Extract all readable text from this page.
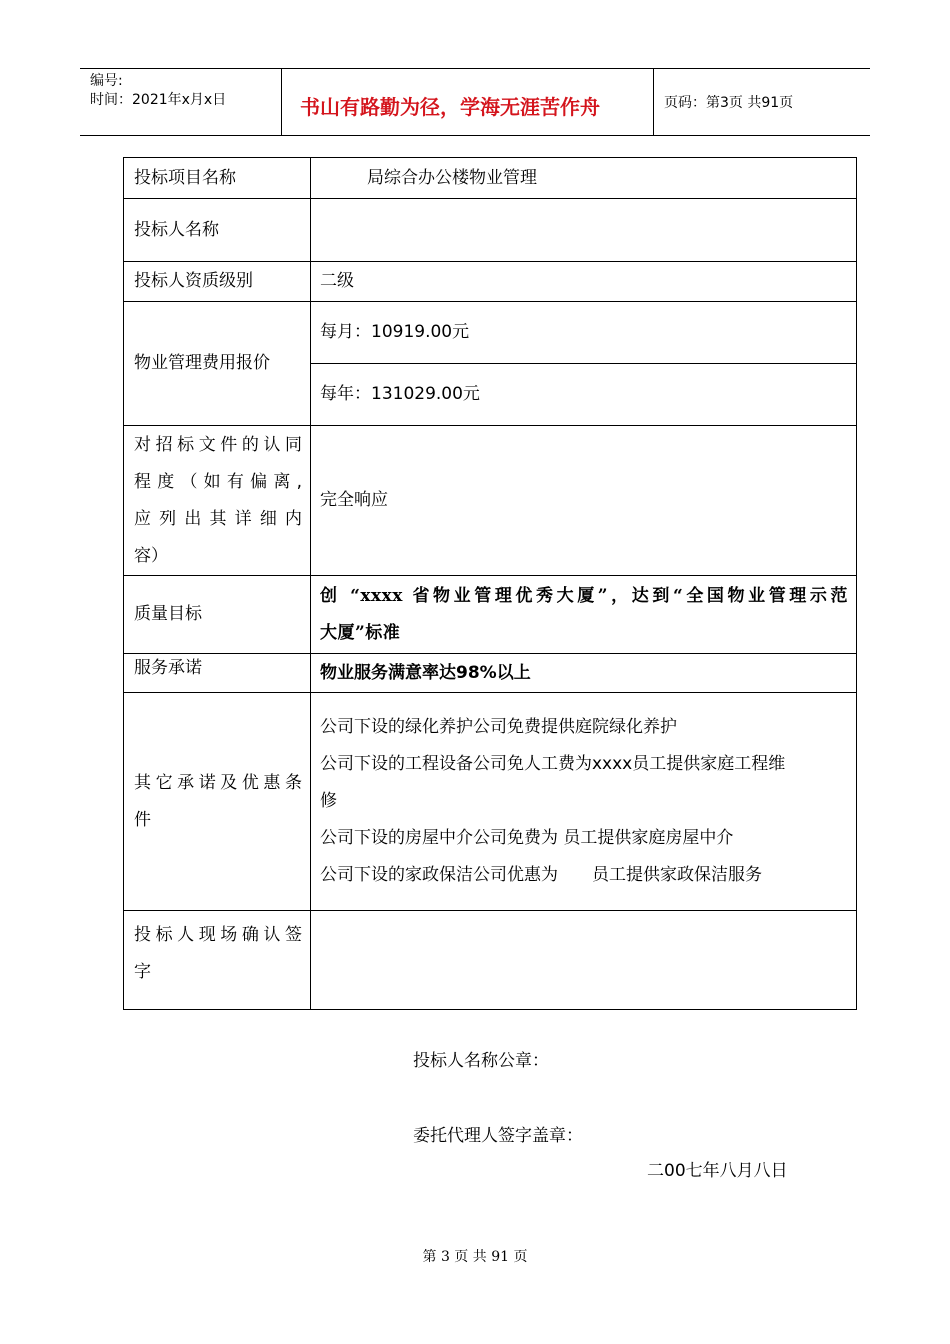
编号:
时间：2021年x月x日	书山有路勤为径，学海无涯苦作舟	页码：第3页 共91页
投标项目名称	局综合办公楼物业管理
投标人名称	
投标人资质级别	二级
物业管理费用报价	每月：10919.00元
	每年：131029.00元

对招标文件的认同
程度（如有偏离,
应列出其详细内
容）	完全响应
质量目标	创 “xxxx 省物业管理优秀大厦”，达到“全国物业管理示范
大厦”标准

服务承诺	物业服务满意率达98%以上

其它承诺及优惠条
件	公司下设的绿化养护公司免费提供庭院绿化养护
公司下设的工程设备公司免人工费为xxxx员工提供家庭工程维
修
公司下设的房屋中介公司免费为 员工提供家庭房屋中介
公司下设的家政保洁公司优惠为　　员工提供家政保洁服务

投标人现场确认签
字	

投标人名称公章：
委托代理人签字盖章：
二00七年八月八日
第 3 页 共 91 页
